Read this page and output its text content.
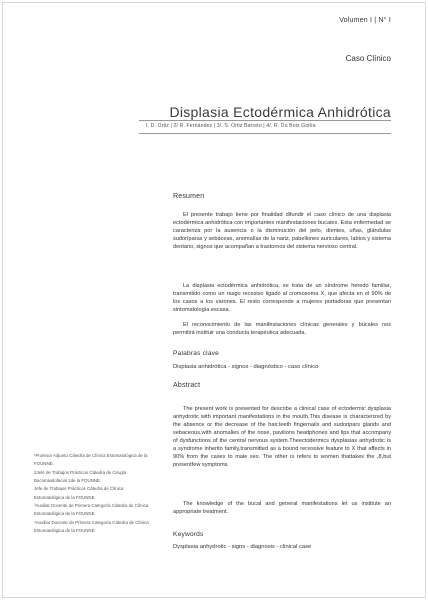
Volumen I | N° I
Caso Clínico
Displasia Ectodérmica Anhidrótica
I. D. Ortiz | 2/ R. Fernández | 3/. S. Ortiz Barreto | 4/. R. Du Bois Goitía
Resumen

El presente trabajo tiene por finalidad difundir el caso clínico de una displasia ectodérmica anhidrótica con importantes manifestaciones bucales. Esta enfermedad se caracteriza por la ausencia o la disminución del pelo, dientes, uñas, glándulas sudoríparas y sebáceas, anomalías de la nariz, pabellones auriculares, labios y sistema dentario, signos que acompañan a trastornos del sistema nervioso central.

La displasia ectodérmica anhidrótica, se trata de un síndrome heredo familiar, transmitido como un rasgo recesivo ligado al cromosoma X, que afecta en el 90% de los casos a los varones. El resto corresponde a mujeres portadoras que presentan sintomatología escasa.

El reconocimiento de las manifestaciones clínicas generales y bucales nos permitirá instituir una conducta terapéutica adecuada.

Palabras clave
Displasia anhidrótica - signos - diagnóstico - caso clínico
Abstract

The present work is presented for describe a clinical case of ectodermic dysplasia anhydrotic with important manifestations in the mouth.This disease is characterized by the absence or the decrease of the hair,teeth fingernails and sudoripars glands and sebaceous,with anomalies of the nose, pavilions headphones and lips that accompany of dysfunctions of the central nervous system.Theectodermics dysplasias anhydrotic is a syndrome inherito family,transmitted as a bound recessive feature to X that affects in 90% from the cases to male sex. The other is refers to women thattakes the ,8,but presentfew symptoms.

The knowledge of the bucal and general manifestations let us institute an appropriate treatment.

Keywords
Dysplasia anhydrotic - signs - diagnosis - clinical case
¹Profesor Adjunto Cátedra de Clínica Estomatológica de la FOUNNE.
2Jefe de Trabajos Prácticos Cátedra de Cirugía Bucomaxilofacial 1de la FOUNNE.
Jefe de Trabajos Prácticos Cátedra de Clínica Estomatológica de la FOUNNE.
³Auxiliar Docente de Primera Categoría Cátedra de Clínica Estomatológica de la FOUNNE.
⁴Auxiliar Docente de Primera Categoría Cátedra de Clínica Estomatológica de la FOUNNE.
